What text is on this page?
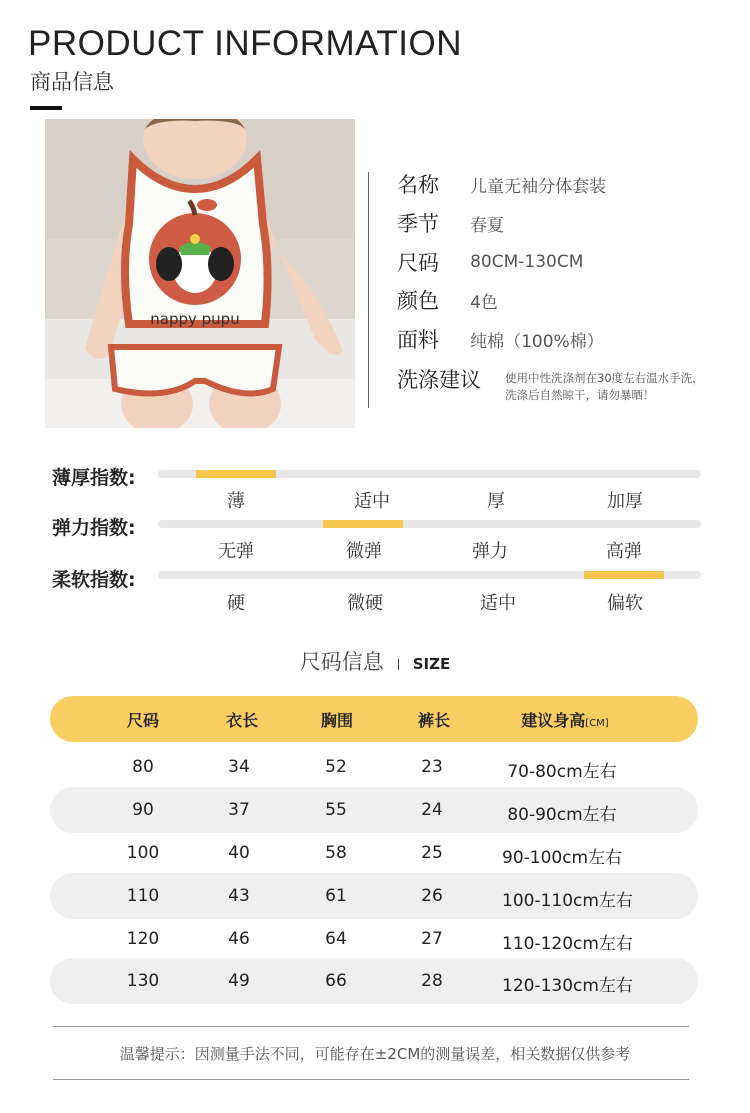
PRODUCT INFORMATION
商品信息
nappy pupu
名称 儿童无袖分体套装
季节 春夏
尺码 80CM-130CM
颜色 4色
面料 纯棉（100%棉）
洗涤建议 使用中性洗涤剂在30度左右温水手洗，
洗涤后自然晾干，请勿暴晒！
薄厚指数:
薄	适中	厚	加厚
弹力指数:
无弹	微弹	弹力	高弹
柔软指数:
硬	微硬	适中	偏软
尺码信息 SIZE
尺码	衣长	胸围	裤长	建议身高[CM]
80	34	52	23	70-80cm左右
90	37	55	24	80-90cm左右
100	40	58	25	90-100cm左右
110	43	61	26	100-110cm左右
120	46	64	27	110-120cm左右
130	49	66	28	120-130cm左右
温馨提示：因测量手法不同，可能存在±2CM的测量误差，相关数据仅供参考
